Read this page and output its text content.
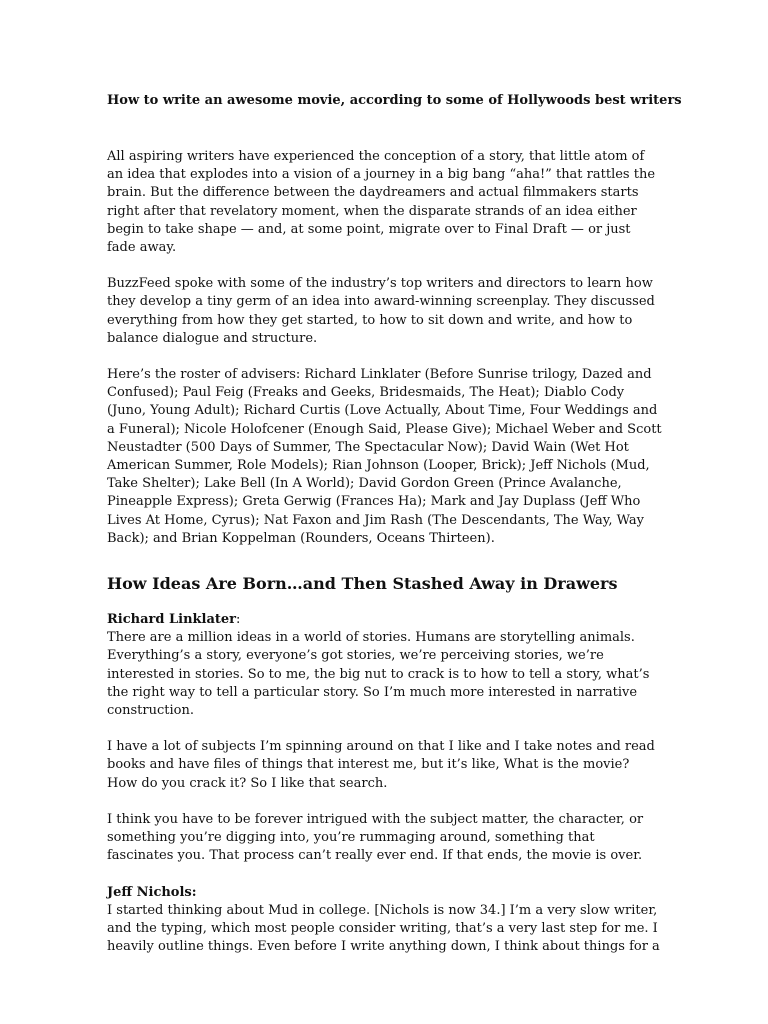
How to write an awesome movie, according to some of Hollywoods best writers

All aspiring writers have experienced the conception of a story, that little atom of an idea that explodes into a vision of a journey in a big bang “aha!” that rattles the brain. But the difference between the daydreamers and actual filmmakers starts right after that revelatory moment, when the disparate strands of an idea either begin to take shape — and, at some point, migrate over to Final Draft — or just fade away.

BuzzFeed spoke with some of the industry’s top writers and directors to learn how they develop a tiny germ of an idea into award-winning screenplay. They discussed everything from how they get started, to how to sit down and write, and how to balance dialogue and structure.

Here’s the roster of advisers: Richard Linklater (Before Sunrise trilogy, Dazed and Confused); Paul Feig (Freaks and Geeks, Bridesmaids, The Heat); Diablo Cody (Juno, Young Adult); Richard Curtis (Love Actually, About Time, Four Weddings and a Funeral); Nicole Holofcener (Enough Said, Please Give); Michael Weber and Scott Neustadter (500 Days of Summer, The Spectacular Now); David Wain (Wet Hot American Summer, Role Models); Rian Johnson (Looper, Brick); Jeff Nichols (Mud, Take Shelter); Lake Bell (In A World); David Gordon Green (Prince Avalanche, Pineapple Express); Greta Gerwig (Frances Ha); Mark and Jay Duplass (Jeff Who Lives At Home, Cyrus); Nat Faxon and Jim Rash (The Descendants, The Way, Way Back); and Brian Koppelman (Rounders, Oceans Thirteen).

How Ideas Are Born…and Then Stashed Away in Drawers

Richard Linklater:

There are a million ideas in a world of stories. Humans are storytelling animals. Everything’s a story, everyone’s got stories, we’re perceiving stories, we’re interested in stories. So to me, the big nut to crack is to how to tell a story, what’s the right way to tell a particular story. So I’m much more interested in narrative construction.

I have a lot of subjects I’m spinning around on that I like and I take notes and read books and have files of things that interest me, but it’s like, What is the movie? How do you crack it? So I like that search.

I think you have to be forever intrigued with the subject matter, the character, or something you’re digging into, you’re rummaging around, something that fascinates you. That process can’t really ever end. If that ends, the movie is over.

Jeff Nichols:

I started thinking about Mud in college. [Nichols is now 34.] I’m a very slow writer, and the typing, which most people consider writing, that’s a very last step for me. I heavily outline things. Even before I write anything down, I think about things for a
